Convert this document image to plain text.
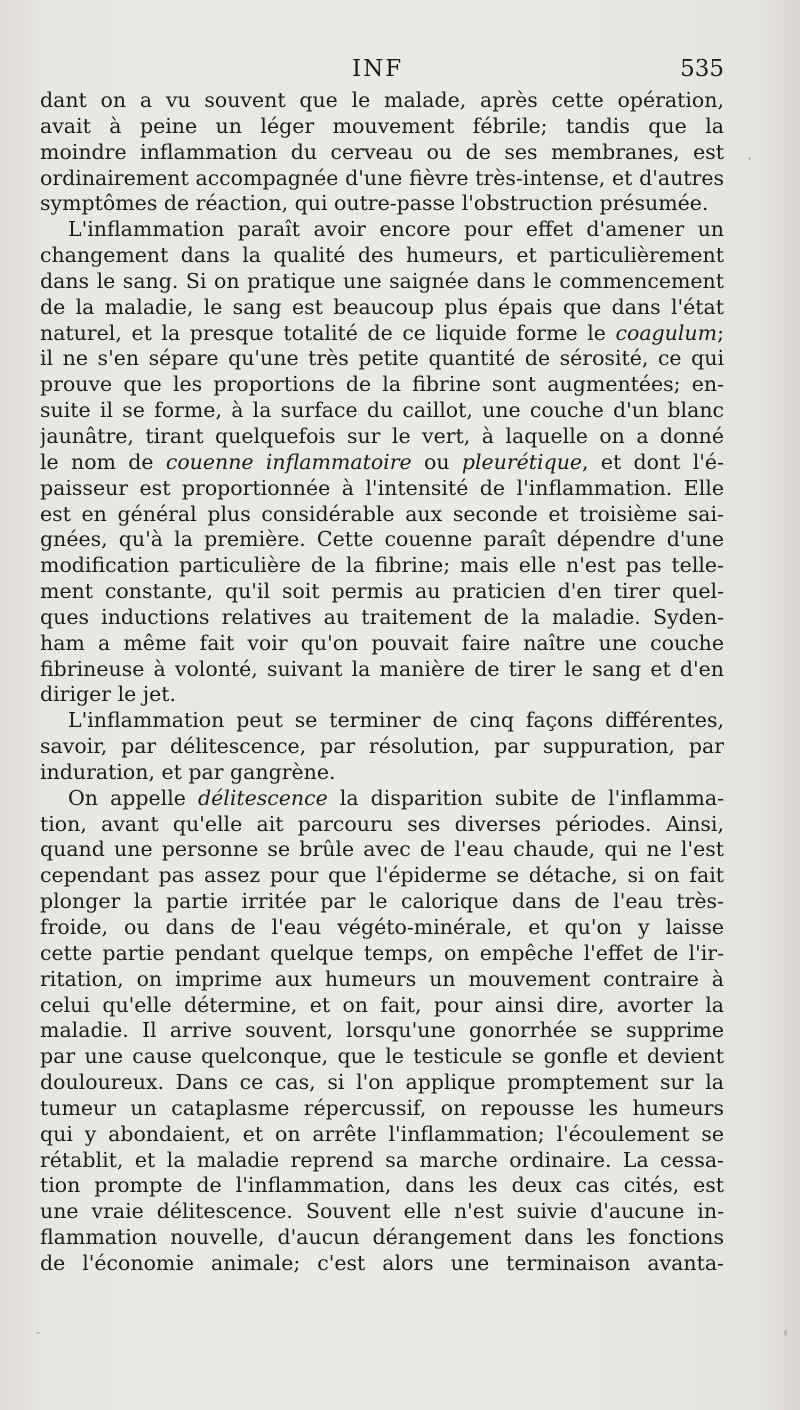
INF	535
dant on a vu souvent que le malade, après cette opération,
avait à peine un léger mouvement fébrile; tandis que la
moindre inflammation du cerveau ou de ses membranes, est
ordinairement accompagnée d'une fièvre très-intense, et d'autres
symptômes de réaction, qui outre-passe l'obstruction présumée.
L'inflammation paraît avoir encore pour effet d'amener un
changement dans la qualité des humeurs, et particulièrement
dans le sang. Si on pratique une saignée dans le commencement
de la maladie, le sang est beaucoup plus épais que dans l'état
naturel, et la presque totalité de ce liquide forme le coagulum;
il ne s'en sépare qu'une très petite quantité de sérosité, ce qui
prouve que les proportions de la fibrine sont augmentées; en-
suite il se forme, à la surface du caillot, une couche d'un blanc
jaunâtre, tirant quelquefois sur le vert, à laquelle on a donné
le nom de couenne inflammatoire ou pleurétique, et dont l'é-
paisseur est proportionnée à l'intensité de l'inflammation. Elle
est en général plus considérable aux seconde et troisième sai-
gnées, qu'à la première. Cette couenne paraît dépendre d'une
modification particulière de la fibrine; mais elle n'est pas telle-
ment constante, qu'il soit permis au praticien d'en tirer quel-
ques inductions relatives au traitement de la maladie. Syden-
ham a même fait voir qu'on pouvait faire naître une couche
fibrineuse à volonté, suivant la manière de tirer le sang et d'en
diriger le jet.
L'inflammation peut se terminer de cinq façons différentes,
savoir, par délitescence, par résolution, par suppuration, par
induration, et par gangrène.
On appelle délitescence la disparition subite de l'inflamma-
tion, avant qu'elle ait parcouru ses diverses périodes. Ainsi,
quand une personne se brûle avec de l'eau chaude, qui ne l'est
cependant pas assez pour que l'épiderme se détache, si on fait
plonger la partie irritée par le calorique dans de l'eau très-
froide, ou dans de l'eau végéto-minérale, et qu'on y laisse
cette partie pendant quelque temps, on empêche l'effet de l'ir-
ritation, on imprime aux humeurs un mouvement contraire à
celui qu'elle détermine, et on fait, pour ainsi dire, avorter la
maladie. Il arrive souvent, lorsqu'une gonorrhée se supprime
par une cause quelconque, que le testicule se gonfle et devient
douloureux. Dans ce cas, si l'on applique promptement sur la
tumeur un cataplasme répercussif, on repousse les humeurs
qui y abondaient, et on arrête l'inflammation; l'écoulement se
rétablit, et la maladie reprend sa marche ordinaire. La cessa-
tion prompte de l'inflammation, dans les deux cas cités, est
une vraie délitescence. Souvent elle n'est suivie d'aucune in-
flammation nouvelle, d'aucun dérangement dans les fonctions
de l'économie animale; c'est alors une terminaison avanta-
